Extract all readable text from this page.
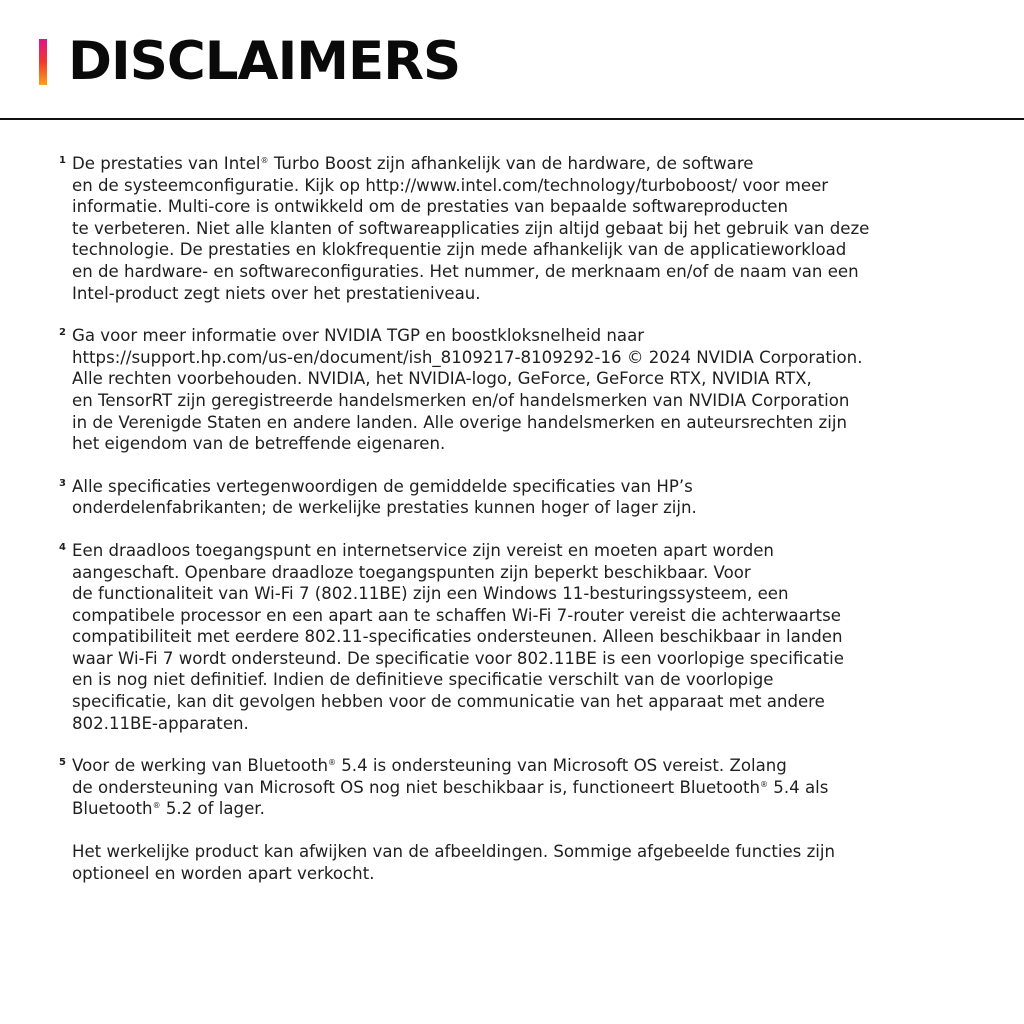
DISCLAIMERS
1 De prestaties van Intel® Turbo Boost zijn afhankelijk van de hardware, de software
en de systeemconfiguratie. Kijk op http://www.intel.com/technology/turboboost/ voor meer
informatie. Multi-core is ontwikkeld om de prestaties van bepaalde softwareproducten
te verbeteren. Niet alle klanten of softwareapplicaties zijn altijd gebaat bij het gebruik van deze
technologie. De prestaties en klokfrequentie zijn mede afhankelijk van de applicatieworkload
en de hardware- en softwareconfiguraties. Het nummer, de merknaam en/of de naam van een
Intel-product zegt niets over het prestatieniveau.
2 Ga voor meer informatie over NVIDIA TGP en boostkloksnelheid naar
https://support.hp.com/us-en/document/ish_8109217-8109292-16 © 2024 NVIDIA Corporation.
Alle rechten voorbehouden. NVIDIA, het NVIDIA-logo, GeForce, GeForce RTX, NVIDIA RTX,
en TensorRT zijn geregistreerde handelsmerken en/of handelsmerken van NVIDIA Corporation
in de Verenigde Staten en andere landen. Alle overige handelsmerken en auteursrechten zijn
het eigendom van de betreffende eigenaren.
3 Alle specificaties vertegenwoordigen de gemiddelde specificaties van HP’s
onderdelenfabrikanten; de werkelijke prestaties kunnen hoger of lager zijn.
4 Een draadloos toegangspunt en internetservice zijn vereist en moeten apart worden
aangeschaft. Openbare draadloze toegangspunten zijn beperkt beschikbaar. Voor
de functionaliteit van Wi-Fi 7 (802.11BE) zijn een Windows 11-besturingssysteem, een
compatibele processor en een apart aan te schaffen Wi-Fi 7-router vereist die achterwaartse
compatibiliteit met eerdere 802.11-specificaties ondersteunen. Alleen beschikbaar in landen
waar Wi-Fi 7 wordt ondersteund. De specificatie voor 802.11BE is een voorlopige specificatie
en is nog niet definitief. Indien de definitieve specificatie verschilt van de voorlopige
specificatie, kan dit gevolgen hebben voor de communicatie van het apparaat met andere
802.11BE-apparaten.
5 Voor de werking van Bluetooth® 5.4 is ondersteuning van Microsoft OS vereist. Zolang
de ondersteuning van Microsoft OS nog niet beschikbaar is, functioneert Bluetooth® 5.4 als
Bluetooth® 5.2 of lager.
Het werkelijke product kan afwijken van de afbeeldingen. Sommige afgebeelde functies zijn
optioneel en worden apart verkocht.
